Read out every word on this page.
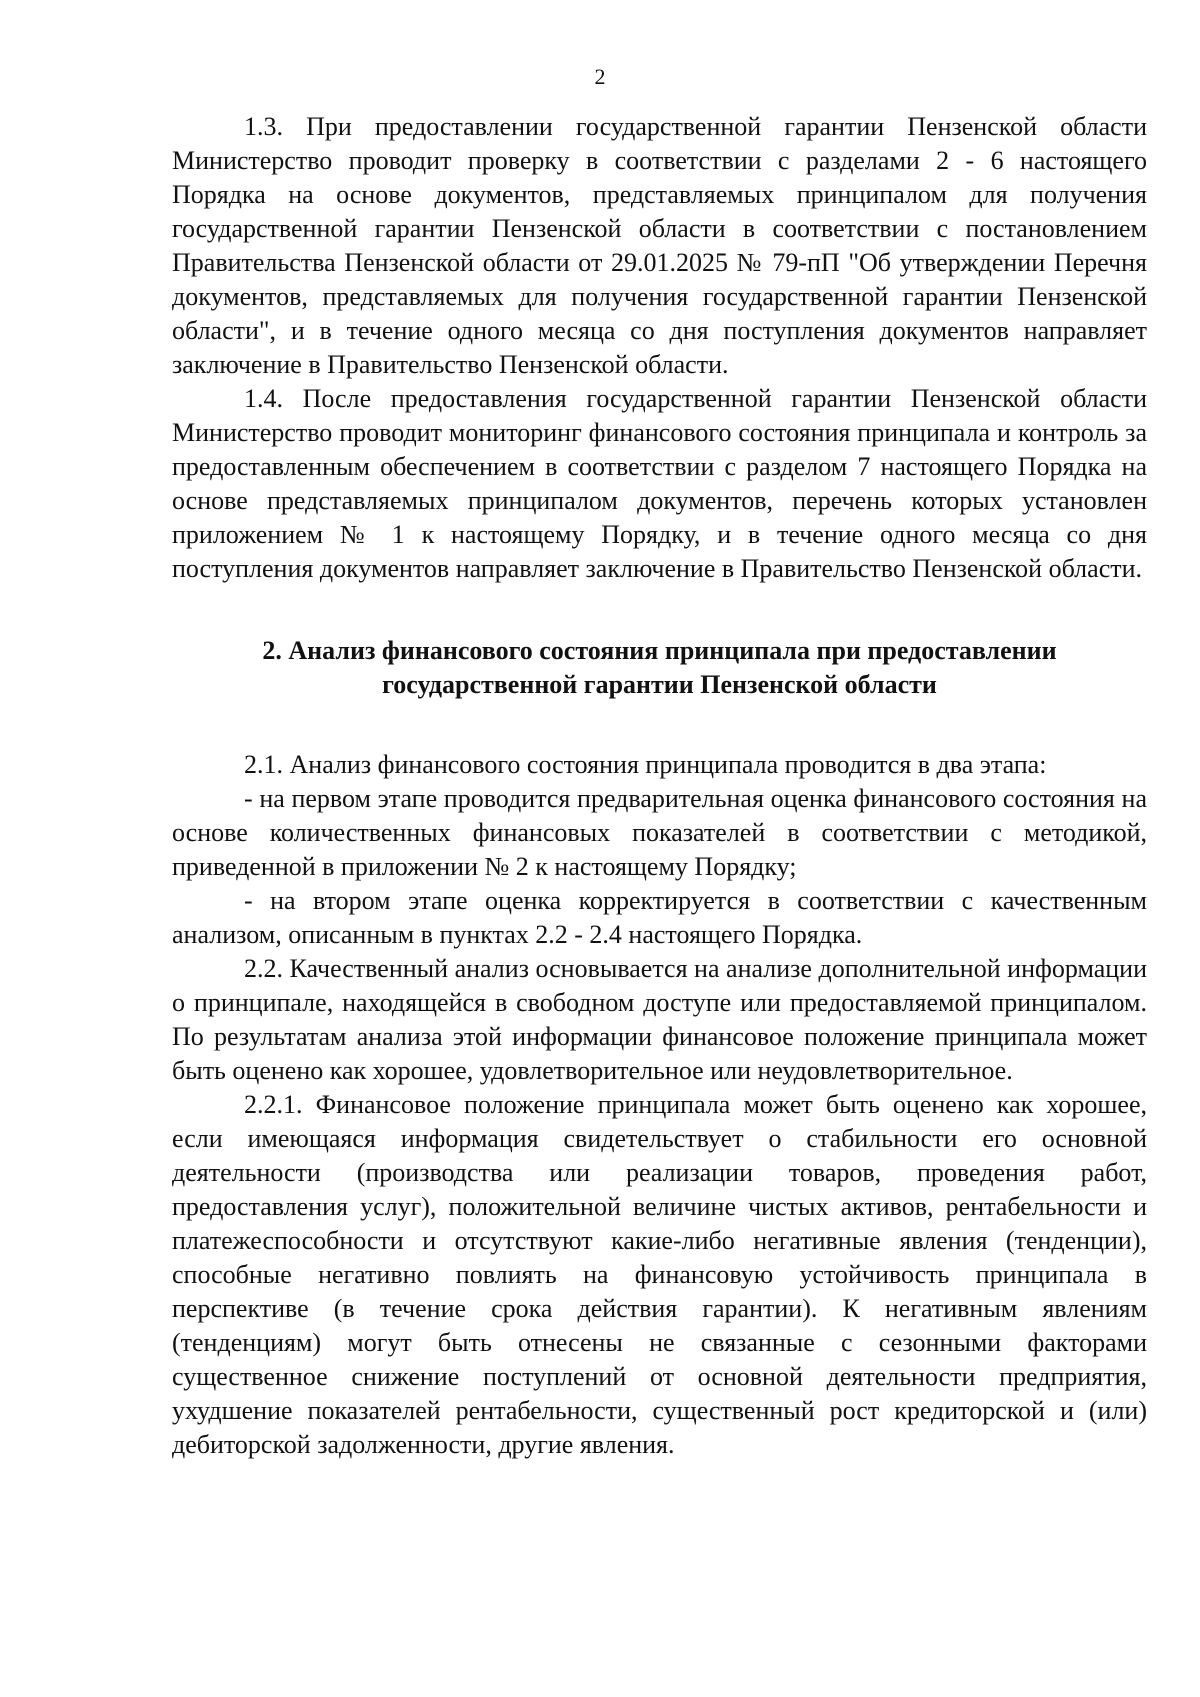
2

1.3. При предоставлении государственной гарантии Пензенской области Министерство проводит проверку в соответствии с разделами 2 - 6 настоящего Порядка на основе документов, представляемых принципалом для получения государственной гарантии Пензенской области в соответствии с постановлением Правительства Пензенской области от 29.01.2025 № 79-пП "Об утверждении Перечня документов, представляемых для получения государственной гарантии Пензенской области", и в течение одного месяца со дня поступления документов направляет заключение в Правительство Пензенской области.

1.4. После предоставления государственной гарантии Пензенской области Министерство проводит мониторинг финансового состояния принципала и контроль за предоставленным обеспечением в соответствии с разделом 7 настоящего Порядка на основе представляемых принципалом документов, перечень которых установлен приложением № 1 к настоящему Порядку, и в течение одного месяца со дня поступления документов направляет заключение в Правительство Пензенской области.

2. Анализ финансового состояния принципала при предоставлении
государственной гарантии Пензенской области

2.1. Анализ финансового состояния принципала проводится в два этапа:

- на первом этапе проводится предварительная оценка финансового состояния на основе количественных финансовых показателей в соответствии с методикой, приведенной в приложении № 2 к настоящему Порядку;

- на втором этапе оценка корректируется в соответствии с качественным анализом, описанным в пунктах 2.2 - 2.4 настоящего Порядка.

2.2. Качественный анализ основывается на анализе дополнительной информации о принципале, находящейся в свободном доступе или предоставляемой принципалом. По результатам анализа этой информации финансовое положение принципала может быть оценено как хорошее, удовлетворительное или неудовлетворительное.

2.2.1. Финансовое положение принципала может быть оценено как хорошее, если имеющаяся информация свидетельствует о стабильности его основной деятельности (производства или реализации товаров, проведения работ, предоставления услуг), положительной величине чистых активов, рентабельности и платежеспособности и отсутствуют какие-либо негативные явления (тенденции), способные негативно повлиять на финансовую устойчивость принципала в перспективе (в течение срока действия гарантии). К негативным явлениям (тенденциям) могут быть отнесены не связанные с сезонными факторами существенное снижение поступлений от основной деятельности предприятия, ухудшение показателей рентабельности, существенный рост кредиторской и (или) дебиторской задолженности, другие явления.
